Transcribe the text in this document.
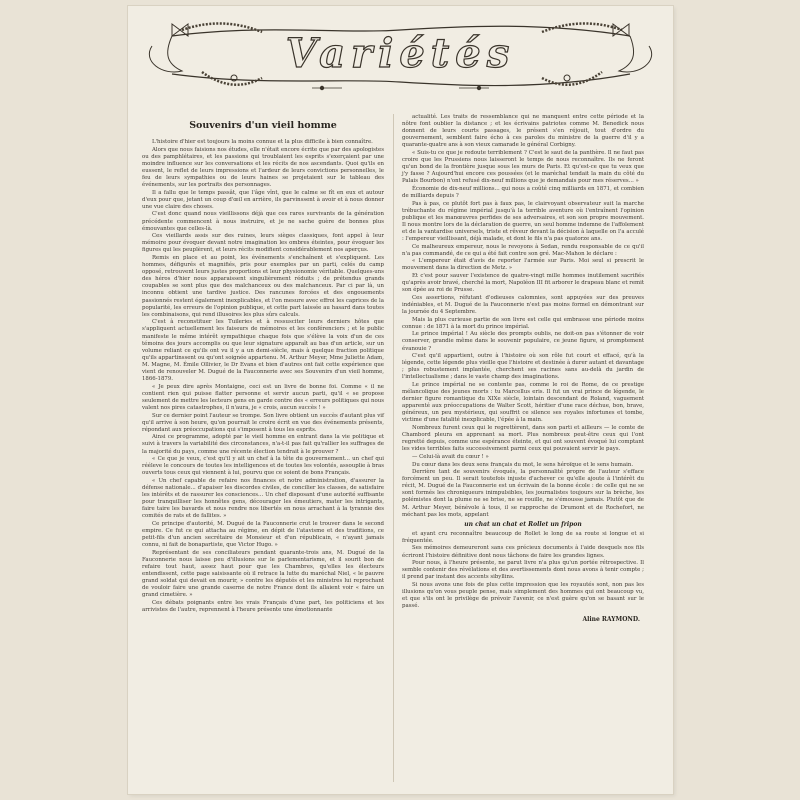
Variétés
Souvenirs d'un vieil homme

L'histoire d'hier est toujours la moins connue et la plus difficile à bien connaître.

Alors que nous faisions nos études, elle n'était encore écrite que par des apologistes ou des pamphlétaires, et les passions qui troublaient les esprits s'exerçaient par une moindre influence sur les conversations et les récits de nos ascendants. Quoi qu'ils en eussent, le reflet de leurs impressions et l'ardeur de leurs convictions personnelles, le feu de leurs sympathies ou de leurs haines se projetaient sur le tableau des événements, sur les portraits des personnages.

Il a fallu que le temps passât, que l'âge vînt, que le calme se fît en eux et autour d'eux pour que, jetant un coup d'œil en arrière, ils parvinssent à avoir et à nous donner une vue claire des choses.

C'est donc quand nous vieillissons déjà que ces rares survivants de la génération précédente commencent à nous instruire, et je ne sache guère de bonnes plus émouvantes que celles-là.

Ces vieillards assis sur des ruines, leurs sièges classiques, font appel à leur mémoire pour évoquer devant notre imagination les ombres éteintes, pour évoquer les figures qui les peuplèrent, et leurs récits modifient considérablement nos aperçus.

Remis en place et au point, les événements s'enchaînent et s'expliquent. Les hommes, défigurés et magnifiés, pris pour exemples par un parti, celés du camp opposé, retrouvent leurs justes proportions et leur physionomie véritable. Quelques-uns des héros d'hier nous apparaissent singulièrement réduits ; de prétendus grands coupables se sont plus que des malchanceux ou des malchanceux. Par ci par là, un inconnu obtient une tardive justice. Des rancunes forcées et des engouements passionnés restent également inexplicables, et l'on mesure avec effroi les caprices de la popularité, les erreurs de l'opinion publique, et cette part laissée au hasard dans toutes les combinaisons, qui rend illusoires les plus sûrs calculs.

C'est à reconstituer les Tuileries et à ressusciter leurs derniers hôtes que s'appliquent actuellement les faiseurs de mémoires et les conférenciers ; et le public manifeste le même intérêt sympathique chaque fois que s'élève la voix d'un de ces témoins des jours accomplis ou que leur signature apparaît au bas d'un article, sur un volume reliant ce qu'ils ont vu il y a un demi-siècle, mais à quelque fraction politique qu'ils appartinssent ou qu'ont soignée appartenu. M. Arthur Meyer, Mme Juliette Adam, M. Magne, M. Émile Ollivier, le Dr Evans et bien d'autres ont fait cette expérience que vient de renouveler M. Dugué de la Fauconnerie avec ses Souvenirs d'un vieil homme, 1866-1879.

« Je peux dire après Montaigne, ceci est un livre de bonne foi. Comme « il ne contient rien qui puisse flatter personne et servir aucun parti, qu'il « se propose seulement de mettre les lecteurs gens en garde contre des « erreurs politiques qui nous valent nos pires catastrophes, il n'aura, je « crois, aucun succès ! »

Sur ce dernier point l'auteur se trompe. Son livre obtient un succès d'autant plus vif qu'il arrive à son heure, qu'on pourrait le croire écrit en vue des événements présents, répondant aux préoccupations qui s'imposent à tous les esprits.

Ainsi ce programme, adopté par le vieil homme en entrant dans la vie politique et suivi à travers la variabilité des circonstances, n'a-t-il pas fait qu'rallier les suffrages de la majorité du pays, comme une récente élection tendrait à le prouver ?

« Ce que je veux, c'est qu'il y ait un chef à la tête du gouvernement... un chef qui rééleve le concours de toutes les intelligences et de toutes les volontés, assouplie à bras ouverts tous ceux qui viennent à lui, pourvu que ce soient de bons Français.

« Un chef capable de refaire nos finances et notre administration, d'assurer la défense nationale... d'apaiser les discordes civiles, de concilier les classes, de satisfaire les intérêts et de rassurer les consciences... Un chef disposant d'une autorité suffisante pour tranquilliser les honnêtes gens, décourager les émeutiers, mater les intrigants, faire taire les bavards et nous rendre nos libertés en nous arrachant à la tyrannie des comités de rats et de fallites. »

Ce principe d'autorité, M. Dugué de la Fauconnerie crut le trouver dans le second empire. Ce fut ce qui attacha au régime, en dépit de l'atavisme et des traditions, ce petit-fils d'un ancien secrétaire de Monsieur et d'un républicain, « n'ayant jamais connu, ni fait de bonapartiste, que Victor Hugo. »

Représentant de ses conciliateurs pendant quarante-trois ans, M. Dugué de la Fauconnerie nous laisse peu d'illusions sur le parlementarisme, et il sourit bon de refaire tout haut, assez haut pour que les Chambres, qu'elles les électeurs entendissent, cette page saisissante où il retrace la lutte du maréchal Niel, « le pauvre grand soldat qui devait en mourir, » contre les députés et les ministres lui reprochant de vouloir faire une grande caserne de notre France dont ils allaient voir « faire un grand cimetière. »

Ces débats poignants entre les vrais Français d'une part, les politiciens et les arrivistes de l'autre, reprennent à l'heure présente une émotionnante

actualité. Les traits de ressemblance qui ne manquent entre cette période et la nôtre font oublier la distance ; et les écrivains patriotes comme M. Benedick nous donnent de leurs courts passages, le présent s'en réjouit, tout d'ordre du gouvernement, semblent faire écho à ces paroles du ministre de la guerre d'il y a quarante-quatre ans à son vieux camarade le général Corbigny.

« Suis-tu ce que je redoute terriblement ? C'est le saut de la panthère. Il ne faut pas croire que les Prussiens nous laisseront le temps de nous reconnaître. Ils ne feront qu'un bond de la frontière jusque sous les murs de Paris. Et qu'est-ce que tu veux que j'y fasse ? Aujourd'hui encore ces poussées (et le maréchal tendait la main du côté du Palais Bourbon) n'ont refusé dix-neuf millions que je demandais pour mes réserves... »

Économie de dix-neuf millions... qui nous a coûté cinq milliards en 1871, et combien de milliards depuis ?

Pas à pas, ce plutôt fort pas à faux pas, le clairvoyant observateur suit la marche trébuchante du régime impérial jusqu'à la terrible aventure où l'entraînent l'opinion publique et les manœuvres perfides de ses adversaires, et son son propre mouvement. Il nous montre lors de la déclaration de guerre, un seul homme indemne de l'affolement et de la vantardise universels, triste et rêveur devant la décision à laquelle on l'a acculé : l'empereur vieillissant, déjà malade, et dont le fils n'a pas quatorze ans.

Ce malheureux empereur, nous le revoyons à Sedan, rendu responsable de ce qu'il n'a pas commandé, de ce qui a été fait contre son gré. Mac-Mahon le déclare :

« L'empereur était d'avis de reporter l'armée sur Paris. Moi seul si prescrit le mouvement dans la direction de Metz. »

Et c'est pour sauver l'existence de quatre-vingt mille hommes inutilement sacrifiés qu'après avoir bravé, cherché la mort, Napoléon III fit arborer le drapeau blanc et remit son épée au roi de Prusse.

Ces assertions, réfutant d'odieuses calomnies, sont appuyées sur des preuves indéniables, et M. Dugué de la Fauconnerie n'est pas moins formel en démontrant sur la journée du 4 Septembre.

Mais la plus curieuse partie de son livre est celle qui embrasse une période moins connue : de 1871 à la mort du prince impérial.

Le prince impérial ! Au siècle des prompts oublis, ne doit-on pas s'étonner de voir conserver, grandie même dans le souvenir populaire, ce jeune figure, si promptement évanouie ?

C'est qu'il appartient, outre à l'histoire où son rôle fut court et effacé, qu'à la légende, cette légende plus vieille que l'histoire et destinée à durer autant et davantage ; plus robustement implantée, cherchent ses racines sans au-delà du jardin de l'intellectualisme ; dans le vaste champ des imaginations.

Le prince impérial ne se contente pas, comme le roi de Rome, de ce prestige mélancolique des jeunes morts : tu Marcellus eris. Il fut un vrai prince de légende, le dernier figure romantique du XIXe siècle, lointain descendant de Roland, vaguement apparenté aux préoccupations de Walter Scott, héritier d'une race déchue, bon, brave, généreux, un peu mystérieux, qui souffrit ce silence ses royales infortunes et tombe, victime d'une fatalité inexplicable, l'épée à la main.

Nombreux furent ceux qui le regrettèrent, dans son parti et ailleurs — le comte de Chambord pleura en apprenant sa mort. Plus nombreux peut-être ceux qui l'ont regretté depuis, comme une espérance éteinte, et qui ont souvent évoqué lui comptant les vides terribles faits successivement parmi ceux qui pouvaient servir le pays.

— Celui-là avait du cœur ! »

Du cœur dans les deux sens français du mot, le sens héroïque et le sens humain.

Derrière tant de souvenirs évoqués, la personnalité propre de l'auteur s'efface forcément un peu. Il serait toutefois injuste d'achever ce qu'elle ajoute à l'intérêt du récit, M. Dugué de la Fauconnerie est un écrivain de la bonne école : de celle qui ne se sont formés les chroniqueurs inimpulsibles, les journalistes toujours sur la brèche, les polémistes dont la plume ne se brise, ne se rouille, ne s'émousse jamais. Plutôt que de M. Arthur Meyer, bénévole à tous, il se rapproche de Drumont et de Rochefort, ne méchant pas les mots, appelant

un chat un chat et Rollet un fripon

et ayant cru reconnaître beaucoup de Rollet le long de sa route si longue et si fréquentée.

Ses mémoires demeureront sans ces précieux documents à l'aide desquels nos fils écriront l'histoire définitive dont nous tâchons de faire les grandes lignes.

Pour nous, à l'heure présente, ne parut livre n'a plus qu'un portée rétrospective. Il semble contenir des révélations et des avertissements dont nous avons à tenir compte ; il prend par instant des accents sibyllins.

Si nous avons une fois de plus cette impression que les royautés sont, non pas les illusions qu'on vous peuple pense, mais simplement des hommes qui ont beaucoup vu, et que s'ils ont le privilège de prévoir l'avenir, ce n'est guère qu'on se basant sur le passé.

Aline RAYMOND.
